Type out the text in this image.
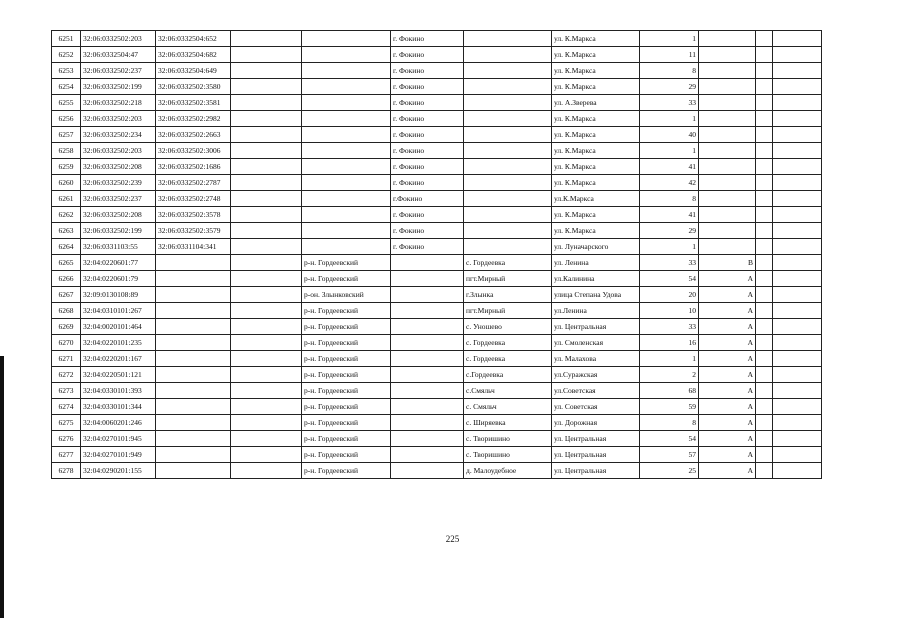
6251	32:06:0332502:203	32:06:0332504:652			г. Фокино		ул. К.Маркса	1			
6252	32:06:0332504:47	32:06:0332504:682			г. Фокино		ул. К.Маркса	11			
6253	32:06:0332502:237	32:06:0332504:649			г. Фокино		ул. К.Маркса	8			
6254	32:06:0332502:199	32:06:0332502:3580			г. Фокино		ул. К.Маркса	29			
6255	32:06:0332502:218	32:06:0332502:3581			г. Фокино		ул. А.Зверева	33			
6256	32:06:0332502:203	32:06:0332502:2982			г. Фокино		ул. К.Маркса	1			
6257	32:06:0332502:234	32:06:0332502:2663			г. Фокино		ул. К.Маркса	40			
6258	32:06:0332502:203	32:06:0332502:3006			г. Фокино		ул. К.Маркса	1			
6259	32:06:0332502:208	32:06:0332502:1686			г. Фокино		ул. К.Маркса	41			
6260	32:06:0332502:239	32:06:0332502:2787			г. Фокино		ул. К.Маркса	42			
6261	32:06:0332502:237	32:06:0332502:2748			г.Фокино		ул.К.Маркса	8			
6262	32:06:0332502:208	32:06:0332502:3578			г. Фокино		ул. К.Маркса	41			
6263	32:06:0332502:199	32:06:0332502:3579			г. Фокино		ул. К.Маркса	29			
6264	32:06:0331103:55	32:06:0331104:341			г. Фокино		ул. Луначарского	1			
6265	32:04:0220601:77			р-н. Гордеевский		с. Гордеевка	ул. Ленина	33	В		
6266	32:04:0220601:79			р-н. Гордеевский		пгт.Мирный	ул.Калинина	54	А		
6267	32:09:0130108:89			р-он. Злынковский		г.Злынка	улица Степана Удова	20	А		
6268	32:04:0310101:267			р-н. Гордеевский		пгт.Мирный	ул.Ленина	10	А		
6269	32:04:0020101:464			р-н. Гордеевский		с. Уношево	ул. Центральная	33	А		
6270	32:04:0220101:235			р-н. Гордеевский		с. Гордеевка	ул. Смоленская	16	А		
6271	32:04:0220201:167			р-н. Гордеевский		с. Гордеевка	ул. Малахова	1	А		
6272	32:04:0220501:121			р-н. Гордеевский		с.Гордеевка	ул.Суражская	2	А		
6273	32:04:0330101:393			р-н. Гордеевский		с.Смяльч	ул.Советская	68	А		
6274	32:04:0330101:344			р-н. Гордеевский		с. Смяльч	ул. Советская	59	А		
6275	32:04:0060201:246			р-н. Гордеевский		с. Ширяевка	ул. Дорожная	8	А		
6276	32:04:0270101:945			р-н. Гордеевский		с. Творишино	ул. Центральная	54	А		
6277	32:04:0270101:949			р-н. Гордеевский		с. Творишино	ул. Центральная	57	А		
6278	32:04:0290201:155			р-н. Гордеевский		д. Малоудебное	ул. Центральная	25	А		
225
